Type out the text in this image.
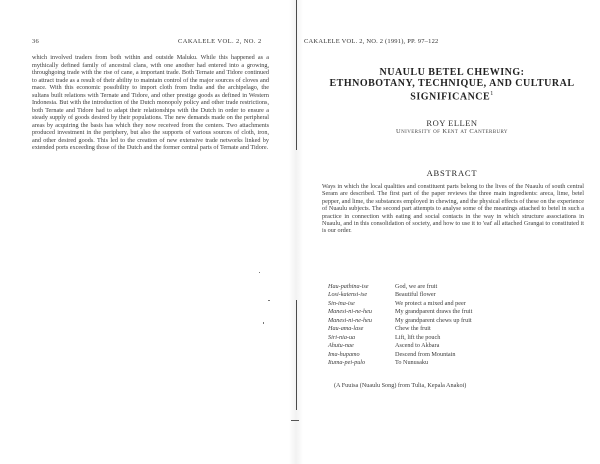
36	CAKALELE VOL. 2, NO. 2

which involved traders from both within and outside Maluku. While this happened as a mythically defined family of ancestral clans, with one another had entered into a growing, throughgoing trade with the rise of cane, a important trade. Both Ternate and Tidore continued to attract trade as a result of their ability to maintain control of the major sources of cloves and mace. With this economic possibility to import cloth from India and the archipelago, the sultans built relations with Ternate and Tidore, and other prestige goods as defined in Western Indonesia. But with the introduction of the Dutch monopoly policy and other trade restrictions, both Ternate and Tidore had to adapt their relationships with the Dutch in order to ensure a steady supply of goods desired by their populations. The new demands made on the peripheral areas by acquiring the basis has which they now received from the centers. Two attachments produced investment in the periphery, but also the supports of various sources of cloth, iron, and other desired goods. This led to the creation of new extensive trade networks linked by extended ports exceeding those of the Dutch and the former central parts of Ternate and Tidore.

CAKALELE VOL. 2, NO. 2 (1991), PP. 97–122
NUAULU BETEL CHEWING:
ETHNOBOTANY, TECHNIQUE, AND CULTURAL
SIGNIFICANCE$^1$
ROY ELLEN
University of Kent at Canterbury
ABSTRACT

Ways in which the local qualities and constituent parts belong to the lives of the Nuaulu of south central Seram are described. The first part of the paper reviews the three main ingredients: areca, lime, betel pepper, and lime, the substances employed in chewing, and the physical effects of these on the experience of Nuaulu subjects. The second part attempts to analyse some of the meanings attached to betel in such a practice in connection with eating and social contacts in the way in which structure associations in Nuaulu, and in this consolidation of society, and how to use it to 'eat' all attached Grangai to constituted it is our order.

Hau-pathina-ise	God, we are fruit
Losi-kaiensi-ise	Beautiful flower
Sin-ina-ise	We protect a mixed and peer
Manesi-ni-ne-heu	My grandparent draws the fruit
Manesi-ni-ne-heu	My grandparent chews up fruit
Hau-ama-lase	Chew the fruit
Siri-nia-ua	Lift, lift the pouch
Ahutu-nae	Ascend to Akbara
Ima-hupamo	Descend from Mountain
Ituma-pei-pulo	To Nunusaku
(A Fuuisa (Nuaulu Song) from Tulia, Kepala Anakoi)
